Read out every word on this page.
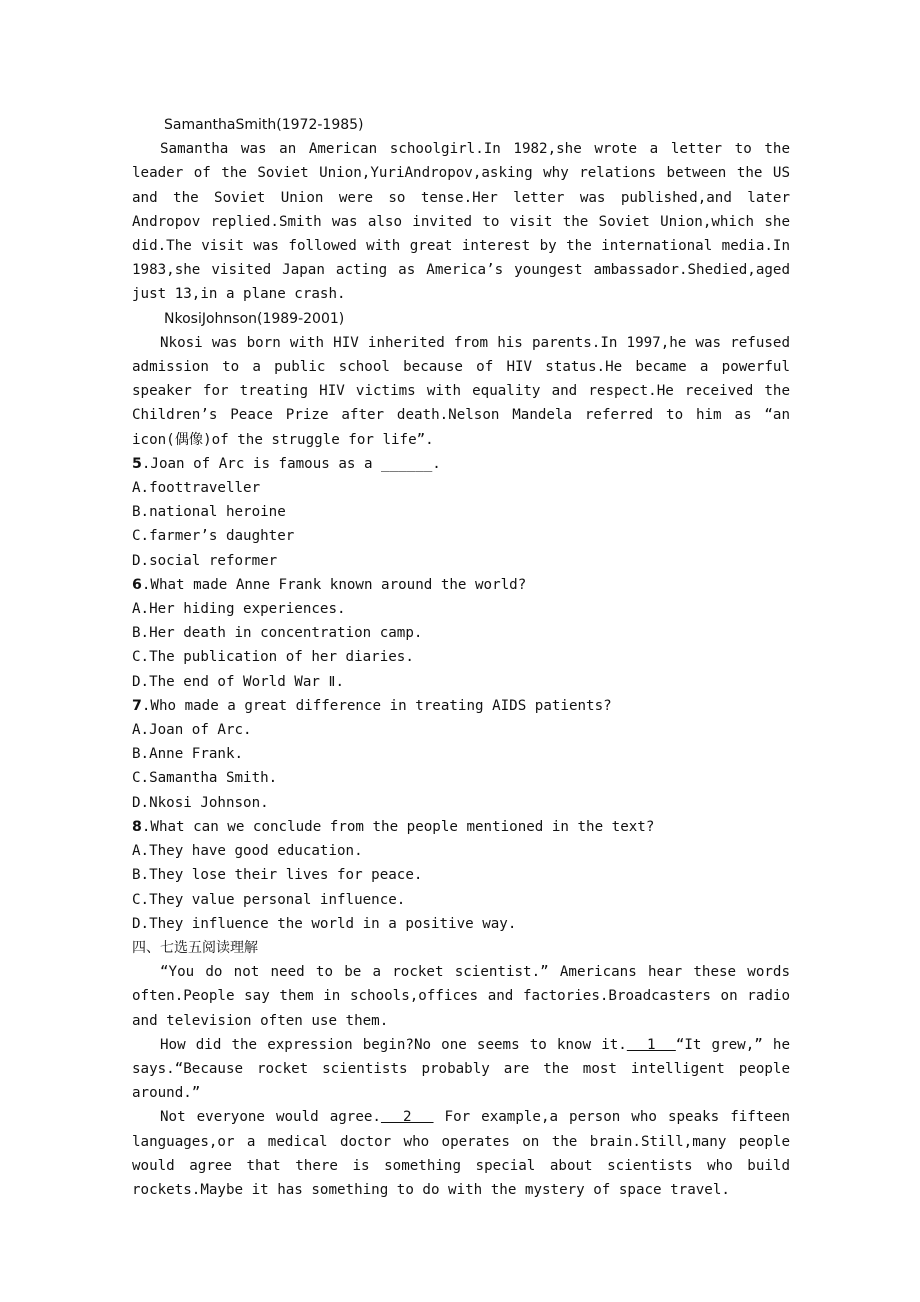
SamanthaSmith(1972-1985)
Samantha was an American schoolgirl.In 1982,she wrote a letter to the leader of the Soviet Union,YuriAndropov,asking why relations between the US and the Soviet Union were so tense.Her letter was published,and later Andropov replied.Smith was also invited to visit the Soviet Union,which she did.The visit was followed with great interest by the international media.In 1983,she visited Japan acting as America’s youngest ambassador.Shedied,aged just 13,in a plane crash.
NkosiJohnson(1989-2001)
Nkosi was born with HIV inherited from his parents.In 1997,he was refused admission to a public school because of HIV status.He became a powerful speaker for treating HIV victims with equality and respect.He received the Children’s Peace Prize after death.Nelson Mandela referred to him as “an icon(偶像)of the struggle for life”.
5.Joan of Arc is famous as a ______.
A.foottraveller
B.national heroine
C.farmer’s daughter
D.social reformer
6.What made Anne Frank known around the world?
A.Her hiding experiences.
B.Her death in concentration camp.
C.The publication of her diaries.
D.The end of World War Ⅱ.
7.Who made a great difference in treating AIDS patients?
A.Joan of Arc.
B.Anne Frank.
C.Samantha Smith.
D.Nkosi Johnson.
8.What can we conclude from the people mentioned in the text?
A.They have good education.
B.They lose their lives for peace.
C.They value personal influence.
D.They influence the world in a positive way.
四、七选五阅读理解
“You do not need to be a rocket scientist.” Americans hear these words often.People say them in schools,offices and factories.Broadcasters on radio and television often use them.
How did the expression begin?No one seems to know it.  1  “It grew,” he says.“Because rocket scientists probably are the most intelligent people around.”
Not everyone would agree.  2   For example,a person who speaks fifteen languages,or a medical doctor who operates on the brain.Still,many people would agree that there is something special about scientists who build rockets.Maybe it has something to do with the mystery of space travel.
